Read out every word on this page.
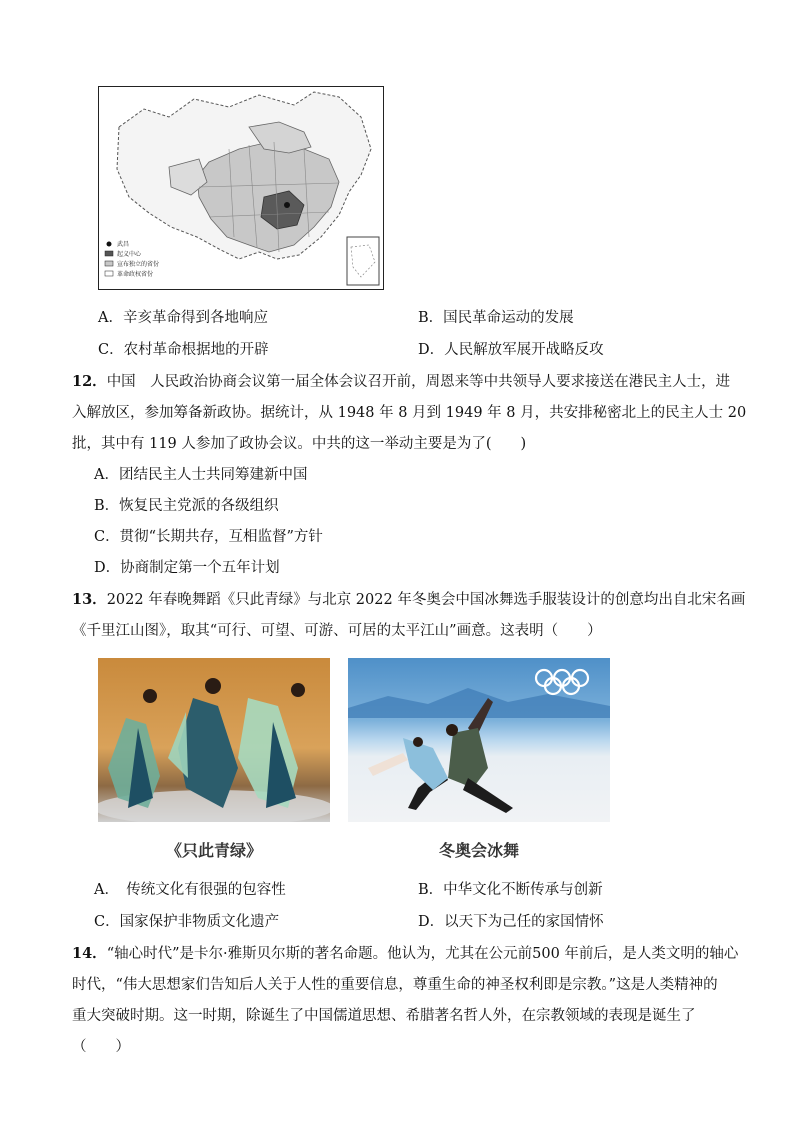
武昌
起义中心
宣布独立的省份
革命政权省份
A．辛亥革命得到各地响应	B．国民革命运动的发展
C．农村革命根据地的开辟	D．人民解放军展开战略反攻
12．中国　人民政治协商会议第一届全体会议召开前，周恩来等中共领导人要求接送在港民主人士，进
入解放区，参加筹备新政协。据统计，从 1948 年 8 月到 1949 年 8 月，共安排秘密北上的民主人士 20
批，其中有 119 人参加了政协会议。中共的这一举动主要是为了(　　)
A．团结民主人士共同筹建新中国
B．恢复民主党派的各级组织
C．贯彻“长期共存，互相监督”方针
D．协商制定第一个五年计划
13．2022 年春晚舞蹈《只此青绿》与北京 2022 年冬奥会中国冰舞选手服装设计的创意均出自北宋名画
《千里江山图》，取其“可行、可望、可游、可居的太平江山”画意。这表明（　　）
《只此青绿》	冬奥会冰舞
A．　传统文化有很强的包容性	B．中华文化不断传承与创新
C．国家保护非物质文化遗产	D．以天下为己任的家国情怀
14．“轴心时代”是卡尔·雅斯贝尔斯的著名命题。他认为，尤其在公元前500 年前后，是人类文明的轴心
时代，“伟大思想家们告知后人关于人性的重要信息，尊重生命的神圣权利即是宗教。”这是人类精神的
重大突破时期。这一时期，除诞生了中国儒道思想、希腊著名哲人外，在宗教领域的表现是诞生了
（　　）
